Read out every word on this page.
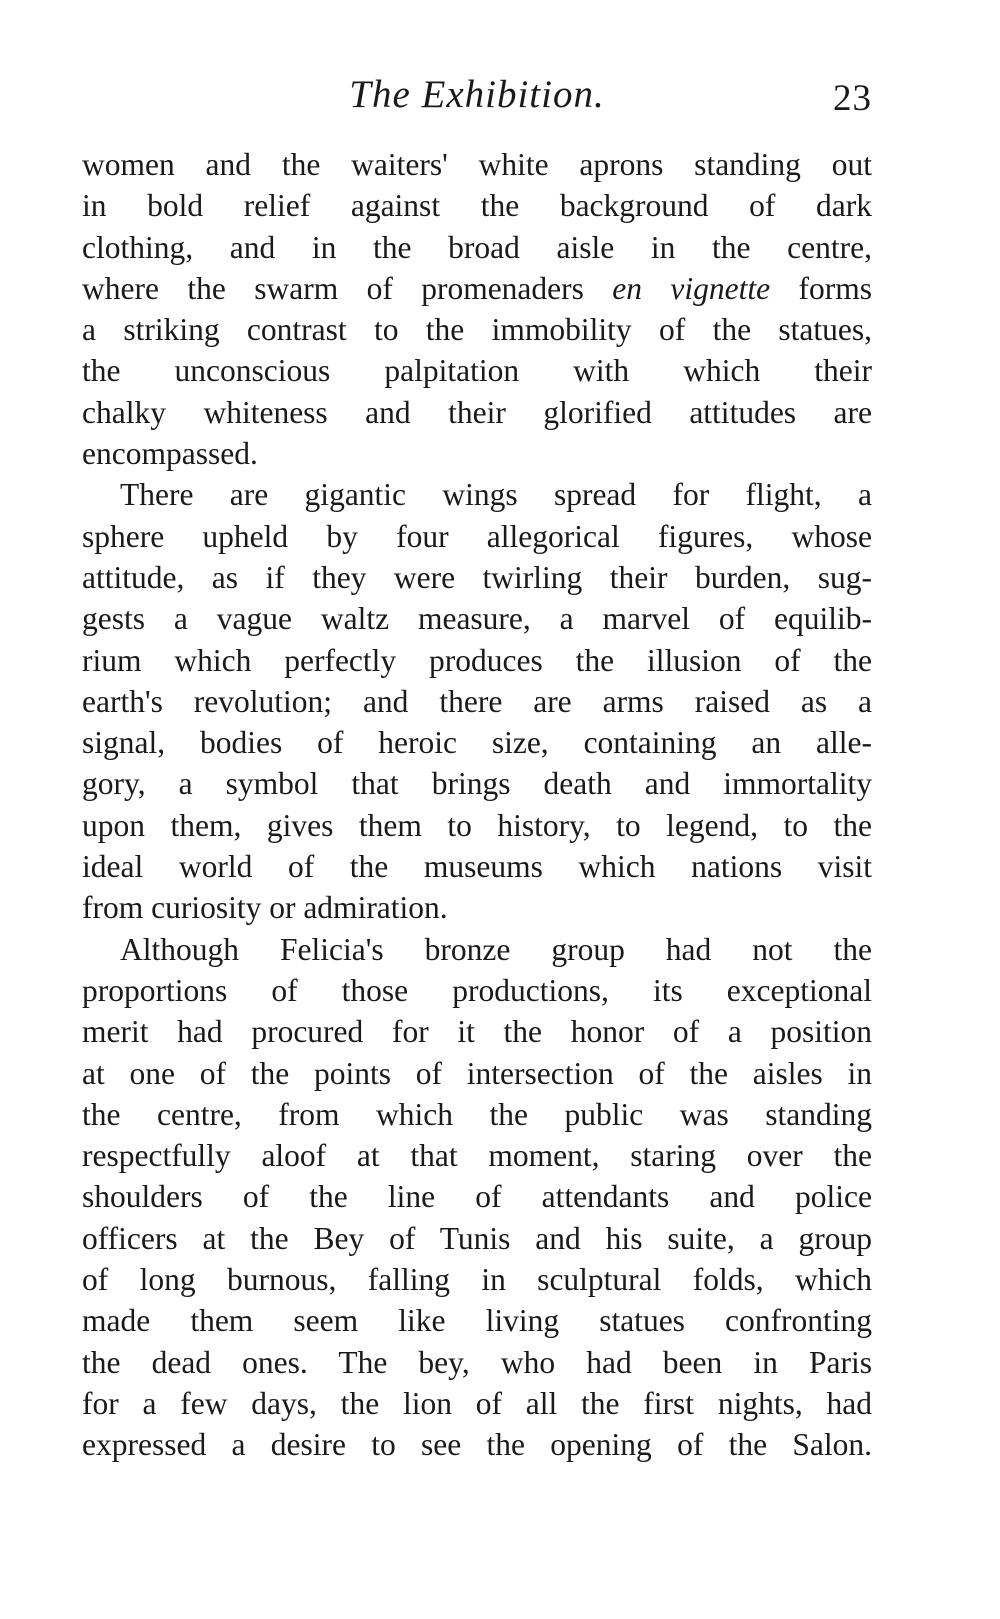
The Exhibition.	23
women and the waiters' white aprons standing out
in bold relief against the background of dark
clothing, and in the broad aisle in the centre,
where the swarm of promenaders en vignette forms
a striking contrast to the immobility of the statues,
the unconscious palpitation with which their
chalky whiteness and their glorified attitudes are
encompassed.
There are gigantic wings spread for flight, a
sphere upheld by four allegorical figures, whose
attitude, as if they were twirling their burden, sug-
gests a vague waltz measure, a marvel of equilib-
rium which perfectly produces the illusion of the
earth's revolution; and there are arms raised as a
signal, bodies of heroic size, containing an alle-
gory, a symbol that brings death and immortality
upon them, gives them to history, to legend, to the
ideal world of the museums which nations visit
from curiosity or admiration.
Although Felicia's bronze group had not the
proportions of those productions, its exceptional
merit had procured for it the honor of a position
at one of the points of intersection of the aisles in
the centre, from which the public was standing
respectfully aloof at that moment, staring over the
shoulders of the line of attendants and police
officers at the Bey of Tunis and his suite, a group
of long burnous, falling in sculptural folds, which
made them seem like living statues confronting
the dead ones. The bey, who had been in Paris
for a few days, the lion of all the first nights, had
expressed a desire to see the opening of the Salon.
